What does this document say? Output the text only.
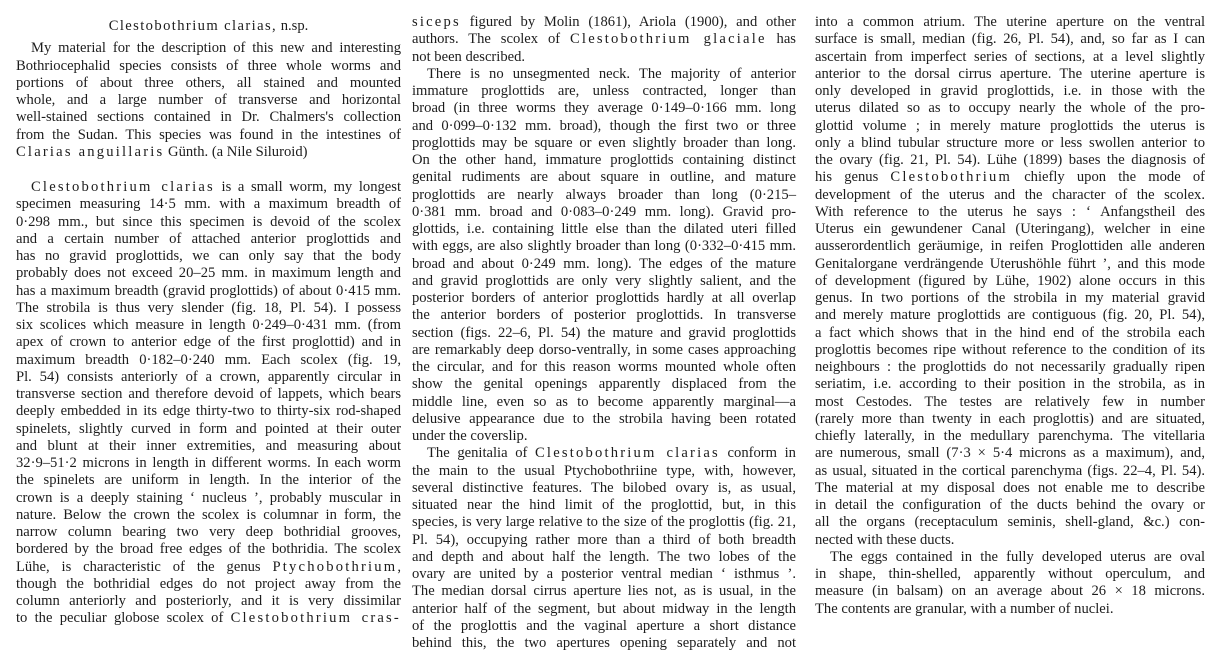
Clestobothrium clarias, n.sp.

My material for the description of this new and interesting
Bothriocephalid species consists of three whole worms and
portions of about three others, all stained and mounted
whole, and a large number of transverse and horizontal
well-stained sections contained in Dr. Chalmers's collection
from the Sudan. This species was found in the intestines of
Clarias anguillaris Günth. (a Nile Siluroid)
Clestobothrium clarias is a small worm, my longest
specimen measuring 14·5 mm. with a maximum breadth of
0·298 mm., but since this specimen is devoid of the scolex
and a certain number of attached anterior proglottids and
has no gravid proglottids, we can only say that the body
probably does not exceed 20–25 mm. in maximum length and
has a maximum breadth (gravid proglottids) of about 0·415 mm.
The strobila is thus very slender (fig. 18, Pl. 54). I possess
six scolices which measure in length 0·249–0·431 mm. (from
apex of crown to anterior edge of the first proglottid) and in
maximum breadth 0·182–0·240 mm. Each scolex (fig. 19,
Pl. 54) consists anteriorly of a crown, apparently circular in
transverse section and therefore devoid of lappets, which bears
deeply embedded in its edge thirty-two to thirty-six rod-shaped
spinelets, slightly curved in form and pointed at their outer
and blunt at their inner extremities, and measuring about
32·9–51·2 microns in length in different worms. In each worm
the spinelets are uniform in length. In the interior of the
crown is a deeply staining ‘ nucleus ’, probably muscular in
nature. Below the crown the scolex is columnar in form, the
narrow column bearing two very deep bothridial grooves,
bordered by the broad free edges of the bothridia. The scolex
Lühe, is characteristic of the genus Ptychobothrium,
though the bothridial edges do not project away from the
column anteriorly and posteriorly, and it is very dissimilar
to the peculiar globose scolex of Clestobothrium cras-
siceps figured by Molin (1861), Ariola (1900), and other
authors. The scolex of Clestobothrium glaciale has
not been described.
There is no unsegmented neck. The majority of anterior
immature proglottids are, unless contracted, longer than
broad (in three worms they average 0·149–0·166 mm. long
and 0·099–0·132 mm. broad), though the first two or three
proglottids may be square or even slightly broader than long.
On the other hand, immature proglottids containing distinct
genital rudiments are about square in outline, and mature
proglottids are nearly always broader than long (0·215–
0·381 mm. broad and 0·083–0·249 mm. long). Gravid pro-
glottids, i.e. containing little else than the dilated uteri filled
with eggs, are also slightly broader than long (0·332–0·415 mm.
broad and about 0·249 mm. long). The edges of the mature
and gravid proglottids are only very slightly salient, and the
posterior borders of anterior proglottids hardly at all overlap
the anterior borders of posterior proglottids. In transverse
section (figs. 22–6, Pl. 54) the mature and gravid proglottids
are remarkably deep dorso-ventrally, in some cases approaching
the circular, and for this reason worms mounted whole often
show the genital openings apparently displaced from the
middle line, even so as to become apparently marginal—a
delusive appearance due to the strobila having been rotated
under the coverslip.
The genitalia of Clestobothrium clarias conform in
the main to the usual Ptychobothriine type, with, however,
several distinctive features. The bilobed ovary is, as usual,
situated near the hind limit of the proglottid, but, in this
species, is very large relative to the size of the proglottis (fig. 21,
Pl. 54), occupying rather more than a third of both breadth
and depth and about half the length. The two lobes of the
ovary are united by a posterior ventral median ‘ isthmus ’.
The median dorsal cirrus aperture lies not, as is usual, in the
anterior half of the segment, but about midway in the length
of the proglottis and the vaginal aperture a short distance
behind this, the two apertures opening separately and not
into a common atrium. The uterine aperture on the ventral
surface is small, median (fig. 26, Pl. 54), and, so far as I can
ascertain from imperfect series of sections, at a level slightly
anterior to the dorsal cirrus aperture. The uterine aperture is
only developed in gravid proglottids, i.e. in those with the
uterus dilated so as to occupy nearly the whole of the pro-
glottid volume ; in merely mature proglottids the uterus is
only a blind tubular structure more or less swollen anterior to
the ovary (fig. 21, Pl. 54). Lühe (1899) bases the diagnosis of
his genus Clestobothrium chiefly upon the mode of
development of the uterus and the character of the scolex.
With reference to the uterus he says : ‘ Anfangstheil des
Uterus ein gewundener Canal (Uteringang), welcher in eine
ausserordentlich geräumige, in reifen Proglottiden alle anderen
Genitalorgane verdrängende Uterushöhle führt ’, and this mode
of development (figured by Lühe, 1902) alone occurs in this
genus. In two portions of the strobila in my material gravid
and merely mature proglottids are contiguous (fig. 20, Pl. 54),
a fact which shows that in the hind end of the strobila each
proglottis becomes ripe without reference to the condition of its
neighbours : the proglottids do not necessarily gradually ripen
seriatim, i.e. according to their position in the strobila, as in
most Cestodes. The testes are relatively few in number
(rarely more than twenty in each proglottis) and are situated,
chiefly laterally, in the medullary parenchyma. The vitellaria
are numerous, small (7·3 × 5·4 microns as a maximum), and,
as usual, situated in the cortical parenchyma (figs. 22–4, Pl. 54).
The material at my disposal does not enable me to describe
in detail the configuration of the ducts behind the ovary or
all the organs (receptaculum seminis, shell-gland, &c.) con-
nected with these ducts.
The eggs contained in the fully developed uterus are oval
in shape, thin-shelled, apparently without operculum, and
measure (in balsam) on an average about 26 × 18 microns.
The contents are granular, with a number of nuclei.
